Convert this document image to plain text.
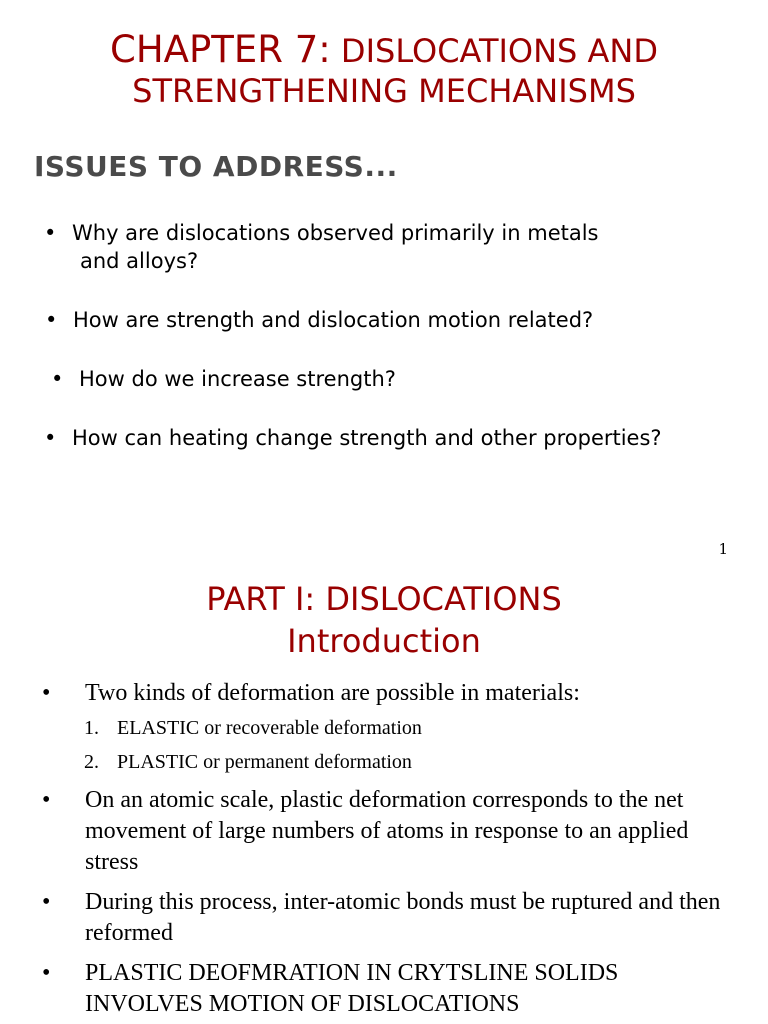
CHAPTER 7: DISLOCATIONS AND
STRENGTHENING MECHANISMS
ISSUES TO ADDRESS...
• Why are dislocations observed primarily in metals
and alloys?
• How are strength and dislocation motion related?
• How do we increase strength?
• How can heating change strength and other properties?
1
PART I: DISLOCATIONS
Introduction
• Two kinds of deformation are possible in materials:
1. ELASTIC or recoverable deformation
2. PLASTIC or permanent deformation
• On an atomic scale, plastic deformation corresponds to the net movement of large numbers of atoms in response to an applied stress
• During this process, inter-atomic bonds must be ruptured and then reformed
• PLASTIC DEOFMRATION IN CRYTSLINE SOLIDS INVOLVES MOTION OF DISLOCATIONS
